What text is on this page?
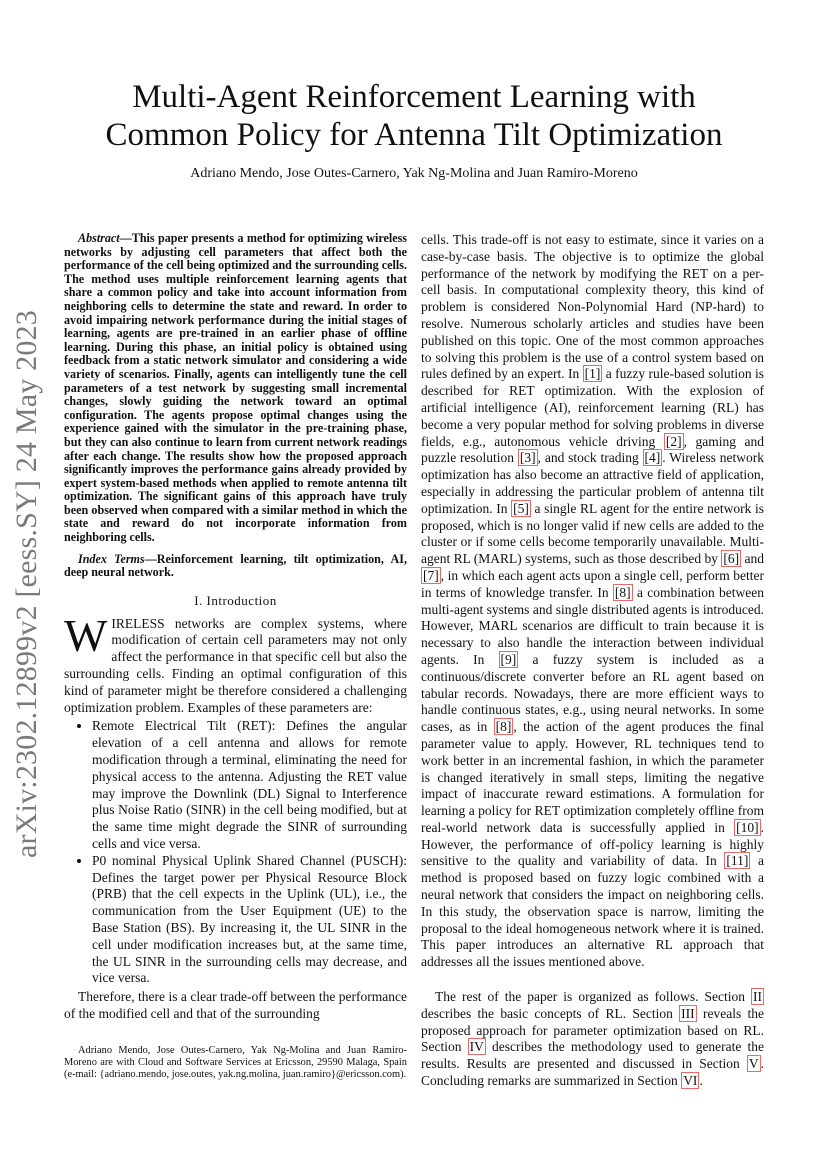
arXiv:2302.12899v2 [eess.SY] 24 May 2023
Multi-Agent Reinforcement Learning with
Common Policy for Antenna Tilt Optimization

Adriano Mendo, Jose Outes-Carnero, Yak Ng-Molina and Juan Ramiro-Moreno

Abstract—This paper presents a method for optimizing wireless networks by adjusting cell parameters that affect both the performance of the cell being optimized and the surrounding cells. The method uses multiple reinforcement learning agents that share a common policy and take into account information from neighboring cells to determine the state and reward. In order to avoid impairing network performance during the initial stages of learning, agents are pre-trained in an earlier phase of offline learning. During this phase, an initial policy is obtained using feedback from a static network simulator and considering a wide variety of scenarios. Finally, agents can intelligently tune the cell parameters of a test network by suggesting small incremental changes, slowly guiding the network toward an optimal configuration. The agents propose optimal changes using the experience gained with the simulator in the pre-training phase, but they can also continue to learn from current network readings after each change. The results show how the proposed approach significantly improves the performance gains already provided by expert system-based methods when applied to remote antenna tilt optimization. The significant gains of this approach have truly been observed when compared with a similar method in which the state and reward do not incorporate information from neighboring cells.

Index Terms—Reinforcement learning, tilt optimization, AI, deep neural network.

I. Introduction

WIRELESS networks are complex systems, where modification of certain cell parameters may not only affect the performance in that specific cell but also the surrounding cells. Finding an optimal configuration of this kind of parameter might be therefore considered a challenging optimization problem. Examples of these parameters are:

• Remote Electrical Tilt (RET): Defines the angular elevation of a cell antenna and allows for remote modification through a terminal, eliminating the need for physical access to the antenna. Adjusting the RET value may improve the Downlink (DL) Signal to Interference plus Noise Ratio (SINR) in the cell being modified, but at the same time might degrade the SINR of surrounding cells and vice versa.
• P0 nominal Physical Uplink Shared Channel (PUSCH): Defines the target power per Physical Resource Block (PRB) that the cell expects in the Uplink (UL), i.e., the communication from the User Equipment (UE) to the Base Station (BS). By increasing it, the UL SINR in the cell under modification increases but, at the same time, the UL SINR in the surrounding cells may decrease, and vice versa.

Therefore, there is a clear trade-off between the performance of the modified cell and that of the surrounding

Adriano Mendo, Jose Outes-Carnero, Yak Ng-Molina and Juan Ramiro-Moreno are with Cloud and Software Services at Ericsson, 29590 Malaga, Spain (e-mail: {adriano.mendo, jose.outes, yak.ng.molina, juan.ramiro}@ericsson.com).

cells. This trade-off is not easy to estimate, since it varies on a case-by-case basis. The objective is to optimize the global performance of the network by modifying the RET on a per-cell basis. In computational complexity theory, this kind of problem is considered Non-Polynomial Hard (NP-hard) to resolve. Numerous scholarly articles and studies have been published on this topic. One of the most common approaches to solving this problem is the use of a control system based on rules defined by an expert. In [1] a fuzzy rule-based solution is described for RET optimization. With the explosion of artificial intelligence (AI), reinforcement learning (RL) has become a very popular method for solving problems in diverse fields, e.g., autonomous vehicle driving [2] , gaming and puzzle resolution [3] , and stock trading [4] . Wireless network optimization has also become an attractive field of application, especially in addressing the particular problem of antenna tilt optimization. In [5] a single RL agent for the entire network is proposed, which is no longer valid if new cells are added to the cluster or if some cells become temporarily unavailable. Multi-agent RL (MARL) systems, such as those described by [6] and [7] , in which each agent acts upon a single cell, perform better in terms of knowledge transfer. In [8] a combination between multi-agent systems and single distributed agents is introduced. However, MARL scenarios are difficult to train because it is necessary to also handle the interaction between individual agents. In [9] a fuzzy system is included as a continuous/discrete converter before an RL agent based on tabular records. Nowadays, there are more efficient ways to handle continuous states, e.g., using neural networks. In some cases, as in [8] , the action of the agent produces the final parameter value to apply. However, RL techniques tend to work better in an incremental fashion, in which the parameter is changed iteratively in small steps, limiting the negative impact of inaccurate reward estimations. A formulation for learning a policy for RET optimization completely offline from real-world network data is successfully applied in [10] . However, the performance of off-policy learning is highly sensitive to the quality and variability of data. In [11] a method is proposed based on fuzzy logic combined with a neural network that considers the impact on neighboring cells. In this study, the observation space is narrow, limiting the proposal to the ideal homogeneous network where it is trained. This paper introduces an alternative RL approach that addresses all the issues mentioned above.

The rest of the paper is organized as follows. Section II describes the basic concepts of RL. Section III reveals the proposed approach for parameter optimization based on RL. Section IV describes the methodology used to generate the results. Results are presented and discussed in Section V . Concluding remarks are summarized in Section VI .
